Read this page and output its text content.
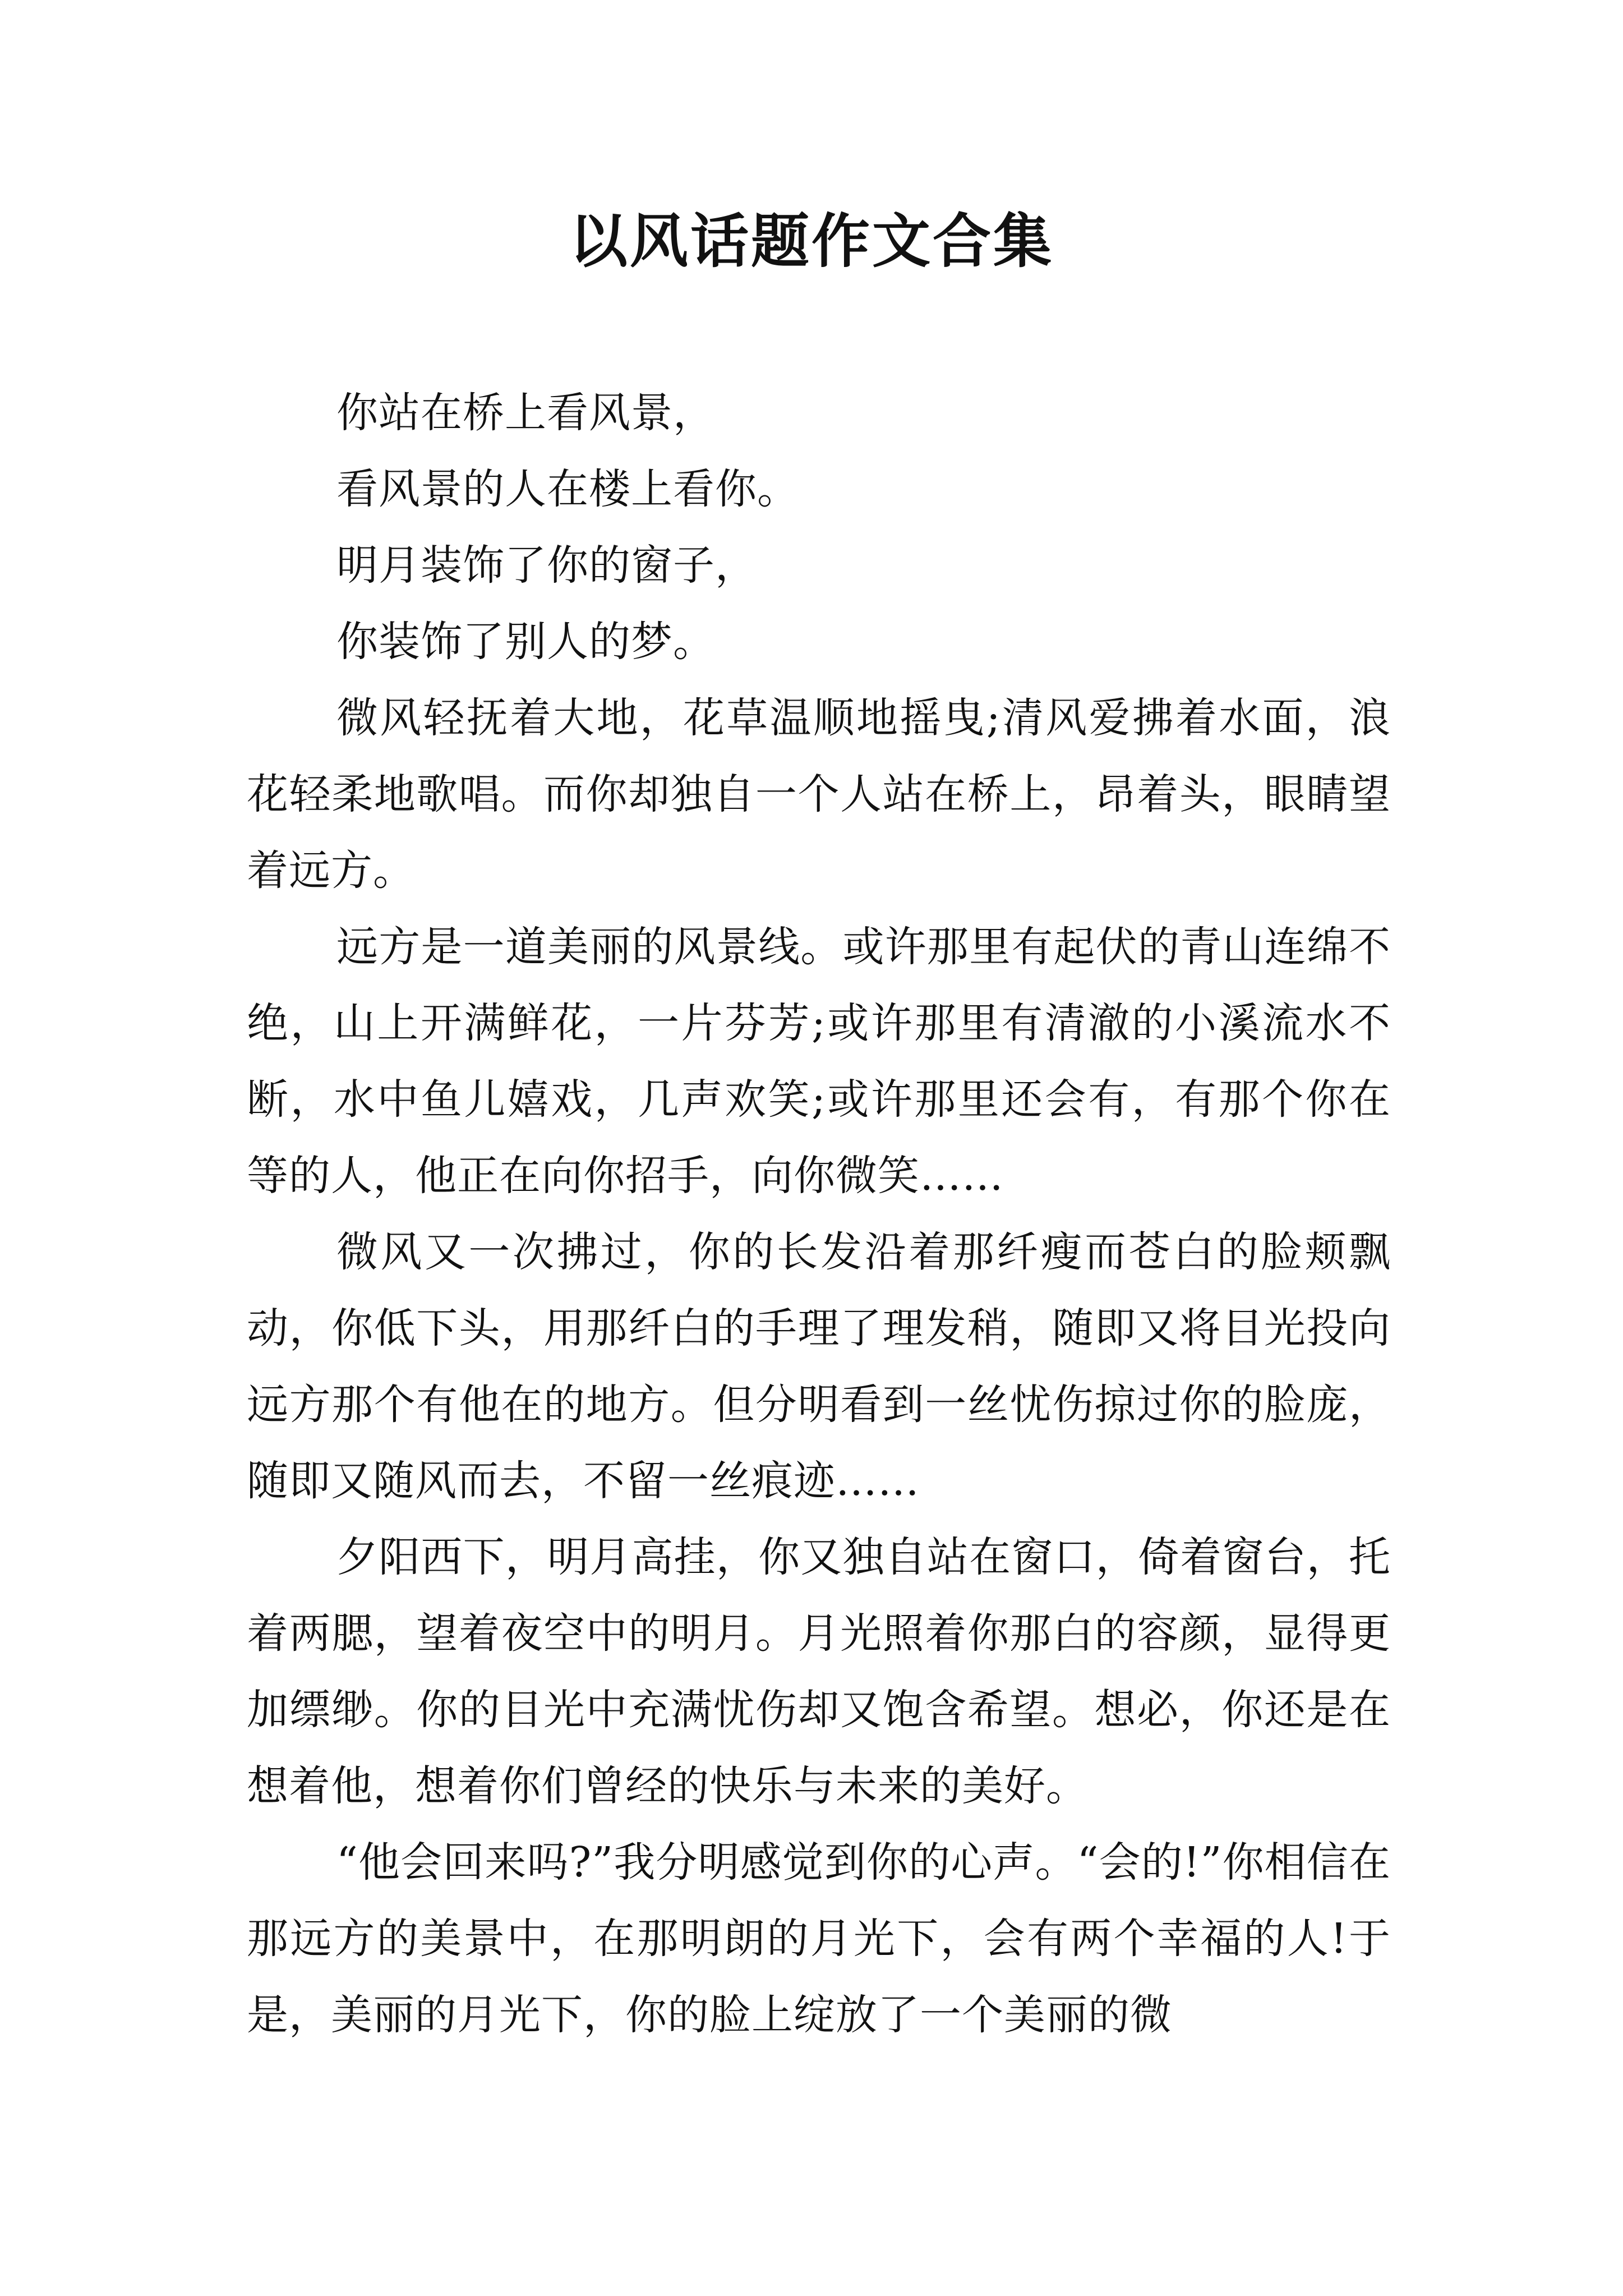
以风话题作文合集

你站在桥上看风景，

看风景的人在楼上看你。

明月装饰了你的窗子，

你装饰了别人的梦。

微风轻抚着大地，花草温顺地摇曳;清风爱拂着水面，浪花轻柔地歌唱。而你却独自一个人站在桥上，昂着头，眼睛望着远方。

远方是一道美丽的风景线。或许那里有起伏的青山连绵不绝，山上开满鲜花，一片芬芳;或许那里有清澈的小溪流水不断，水中鱼儿嬉戏，几声欢笑;或许那里还会有，有那个你在等的人，他正在向你招手，向你微笑……

微风又一次拂过，你的长发沿着那纤瘦而苍白的脸颊飘动，你低下头，用那纤白的手理了理发稍，随即又将目光投向远方那个有他在的地方。但分明看到一丝忧伤掠过你的脸庞，随即又随风而去，不留一丝痕迹……

夕阳西下，明月高挂，你又独自站在窗口，倚着窗台，托着两腮，望着夜空中的明月。月光照着你那白的容颜，显得更加缥缈。你的目光中充满忧伤却又饱含希望。想必，你还是在想着他，想着你们曾经的快乐与未来的美好。

“他会回来吗?”我分明感觉到你的心声。“会的!”你相信在那远方的美景中，在那明朗的月光下，会有两个幸福的人!于是，美丽的月光下，你的脸上绽放了一个美丽的微
